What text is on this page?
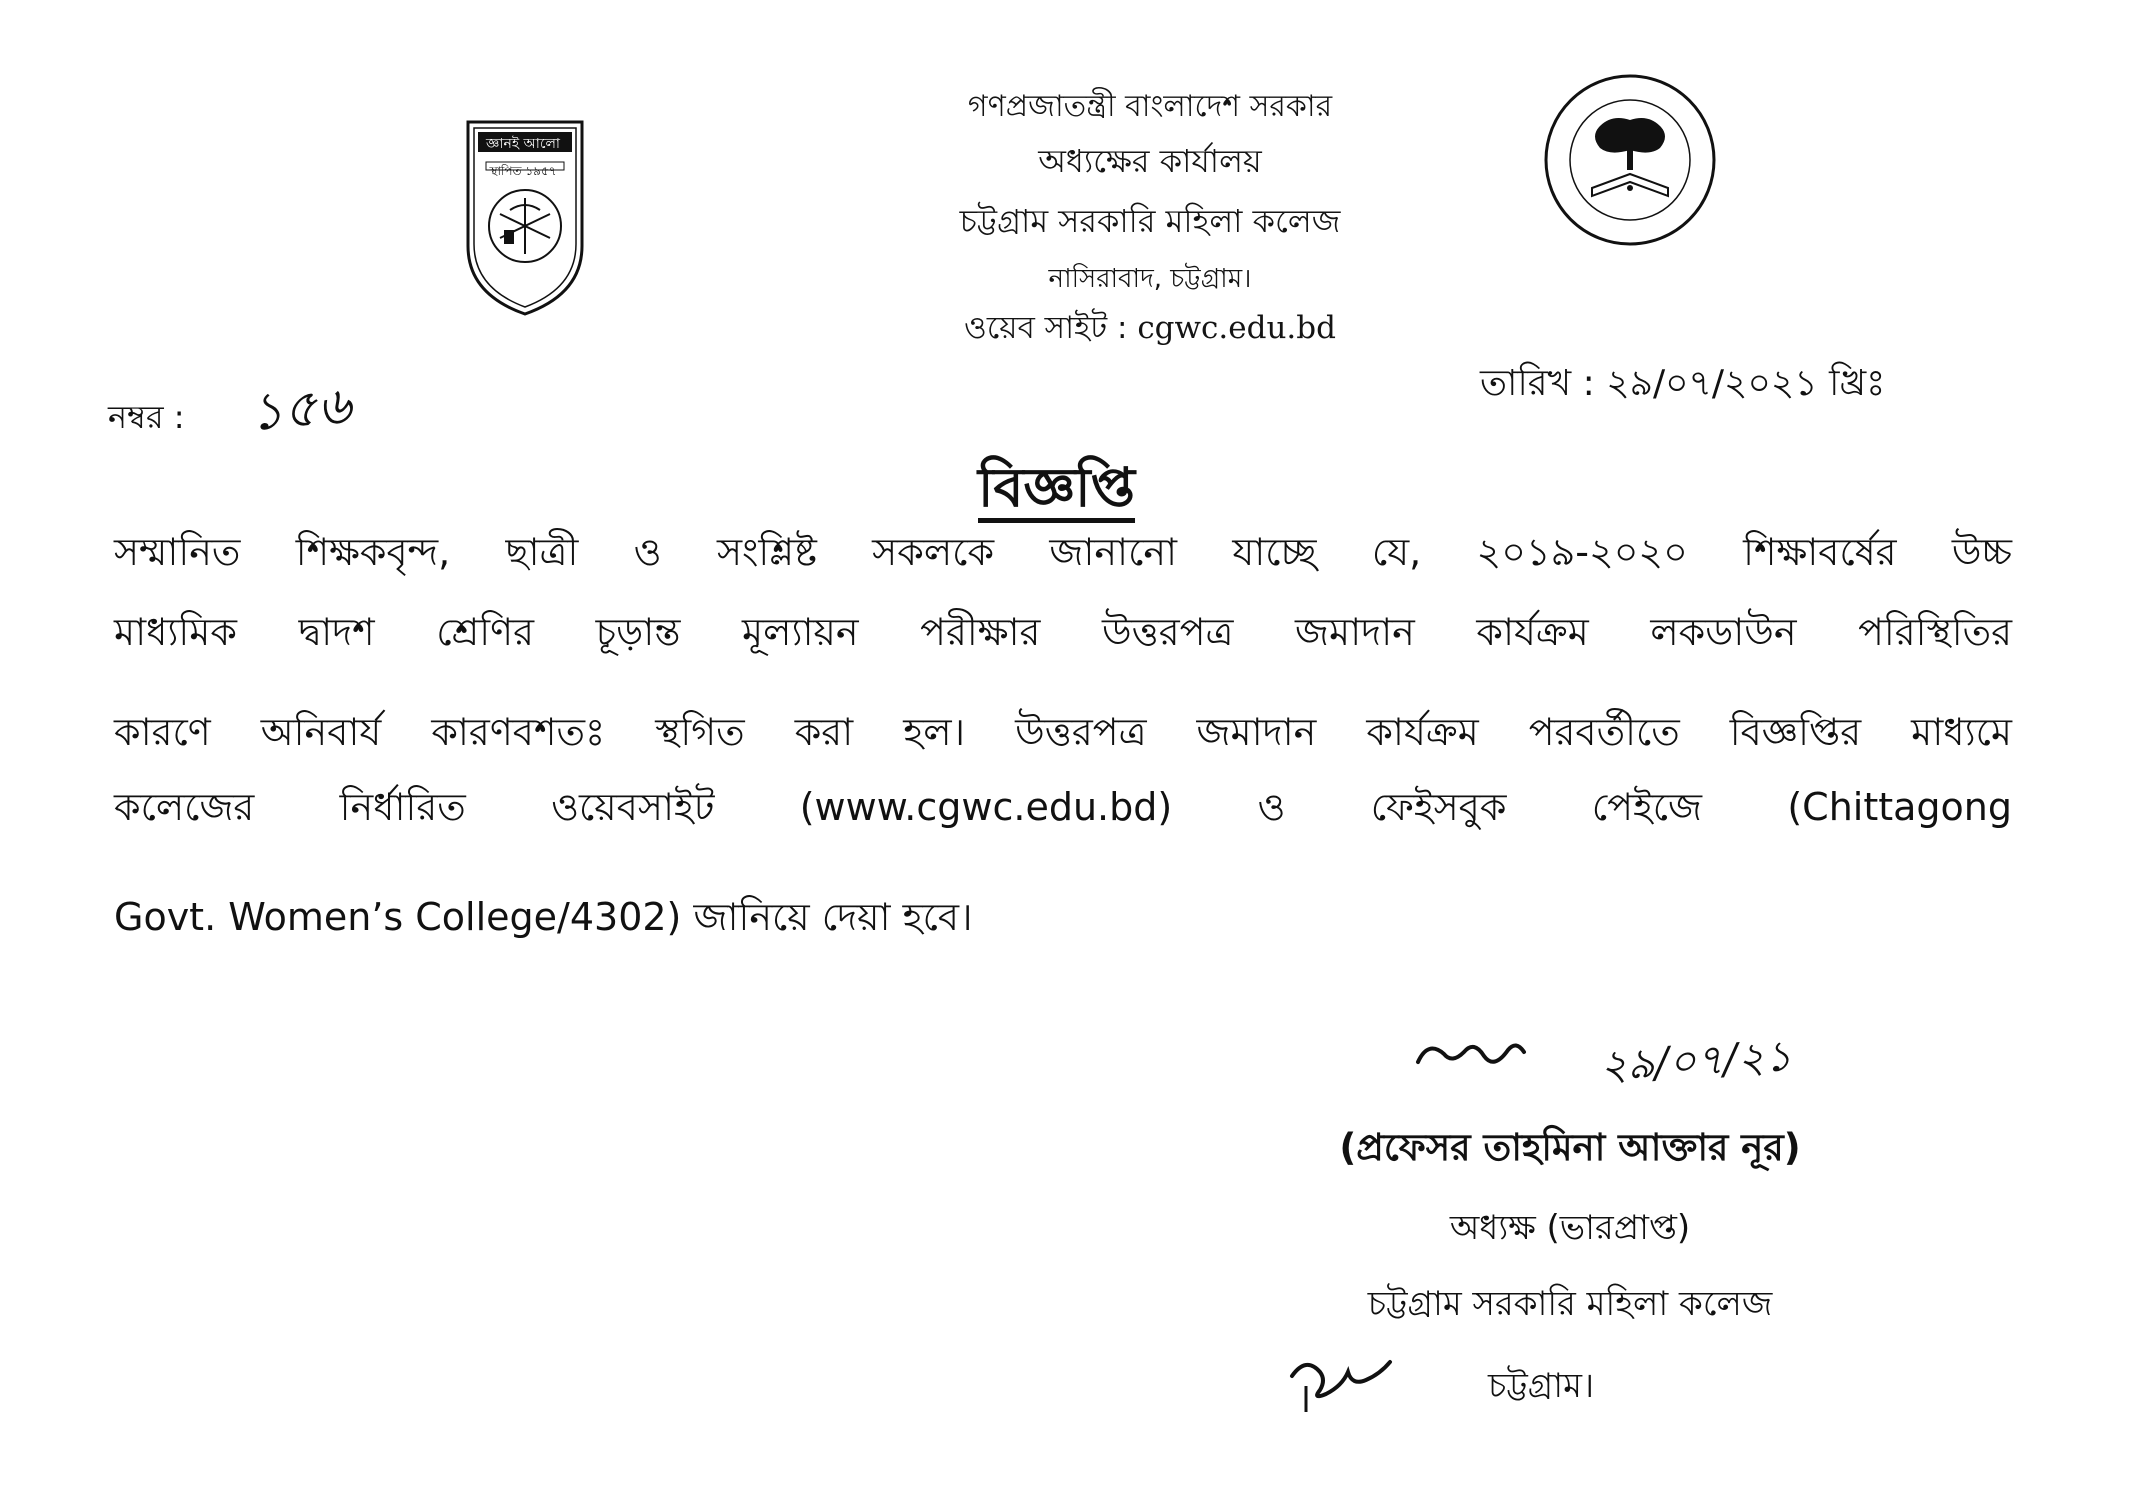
জ্ঞানই আলো
স্থাপিত ১৯৫৭
গণপ্রজাতন্ত্রী বাংলাদেশ সরকার
অধ্যক্ষের কার্যালয়
চট্টগ্রাম সরকারি মহিলা কলেজ
নাসিরাবাদ, চট্টগ্রাম।
ওয়েব সাইট : cgwc.edu.bd
নম্বর : ১৫৬	তারিখ : ২৯/০৭/২০২১ খ্রিঃ
বিজ্ঞপ্তি
সম্মানিত শিক্ষকবৃন্দ, ছাত্রী ও সংশ্লিষ্ট সকলকে জানানো যাচ্ছে যে, ২০১৯-২০২০ শিক্ষাবর্ষের উচ্চ
মাধ্যমিক দ্বাদশ শ্রেণির চূড়ান্ত মূল্যায়ন পরীক্ষার উত্তরপত্র জমাদান কার্যক্রম লকডাউন পরিস্থিতির
কারণে অনিবার্য কারণবশতঃ স্থগিত করা হল। উত্তরপত্র জমাদান কার্যক্রম পরবর্তীতে বিজ্ঞপ্তির মাধ্যমে
কলেজের নির্ধারিত ওয়েবসাইট (www.cgwc.edu.bd) ও ফেইসবুক পেইজে (Chittagong
Govt. Women’s College/4302) জানিয়ে দেয়া হবে।
২৯/০৭/২১
(প্রফেসর তাহমিনা আক্তার নূর)
অধ্যক্ষ (ভারপ্রাপ্ত)
চট্টগ্রাম সরকারি মহিলা কলেজ
চট্টগ্রাম।
